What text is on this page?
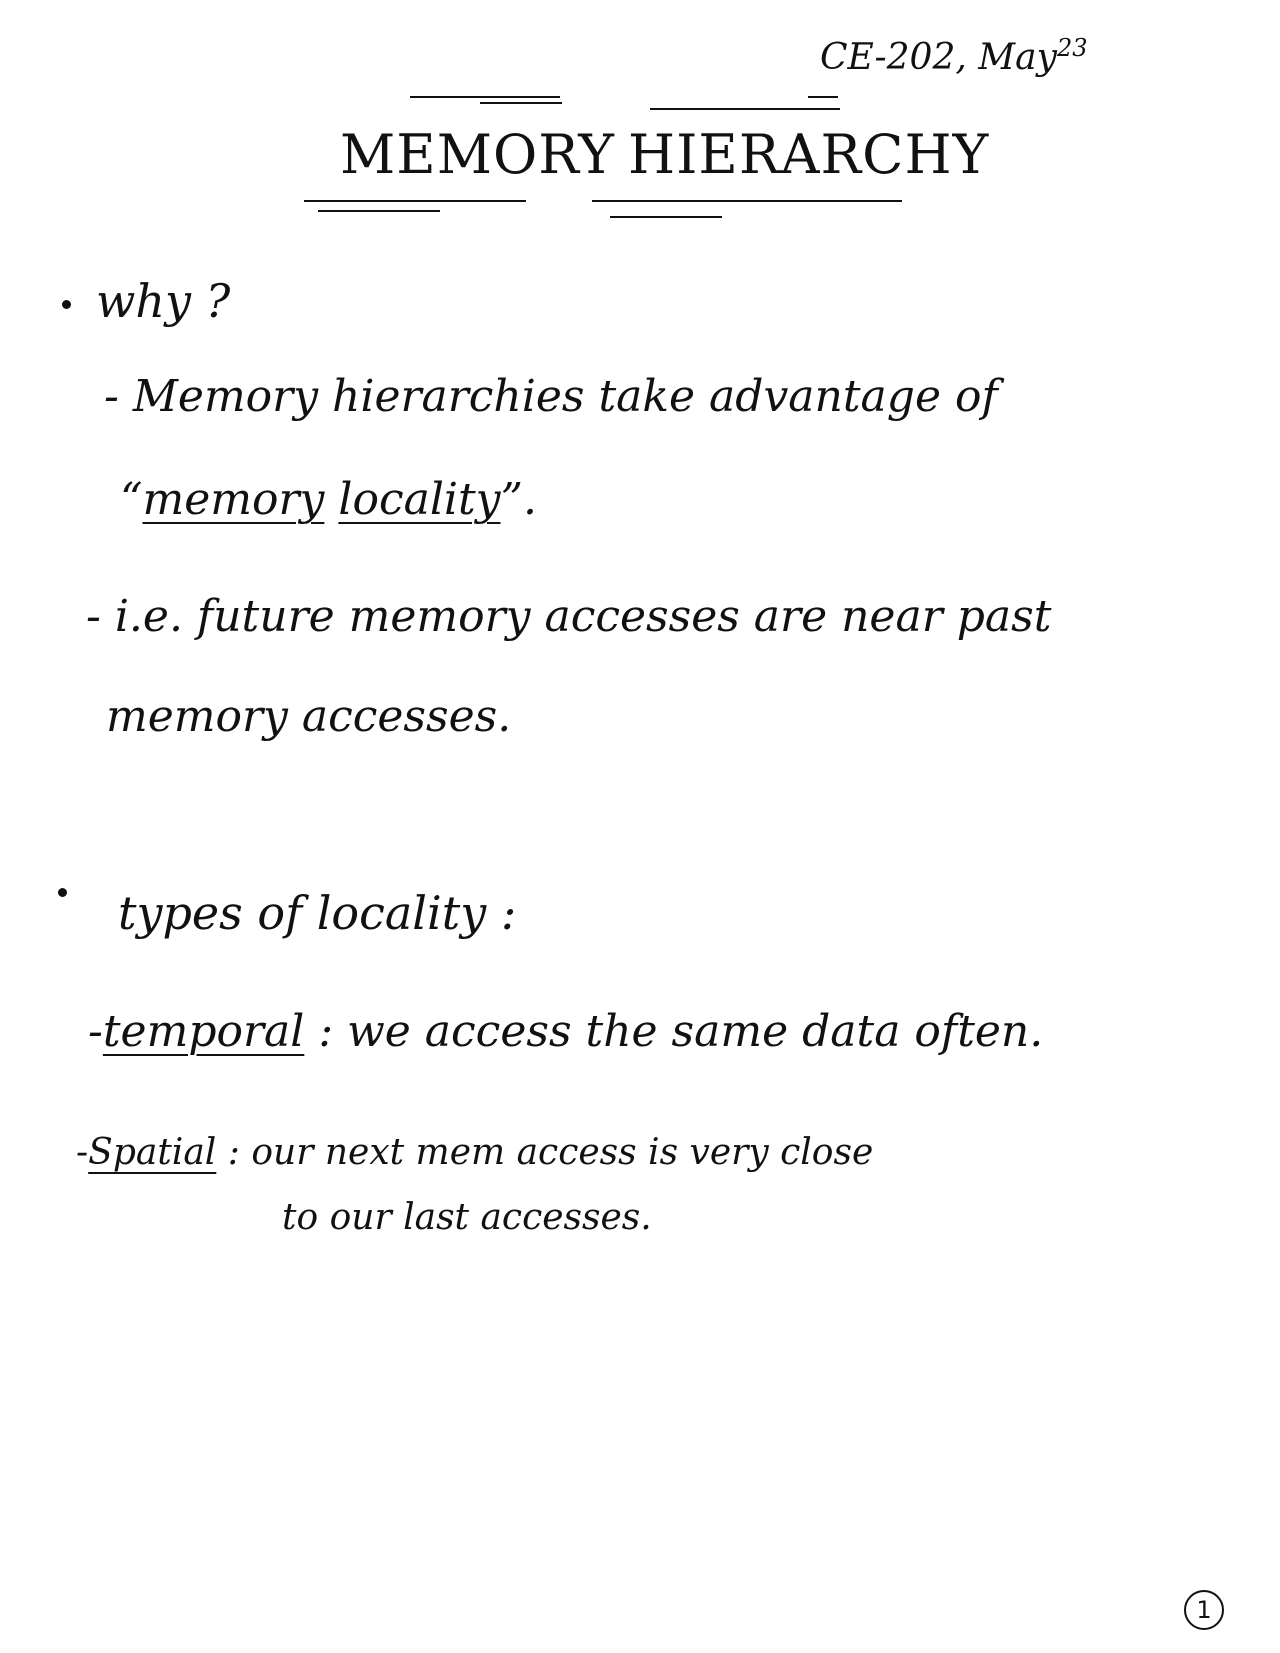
CE-202, May$^{23}$
MEMORY HIERARCHY
why ?
- Memory hierarchies take advantage of
“memory locality”.
- i.e. future memory accesses are near past
memory accesses.
types of locality :
-temporal : we access the same data often.
-Spatial : our next mem access is very close
to our last accesses.
1
